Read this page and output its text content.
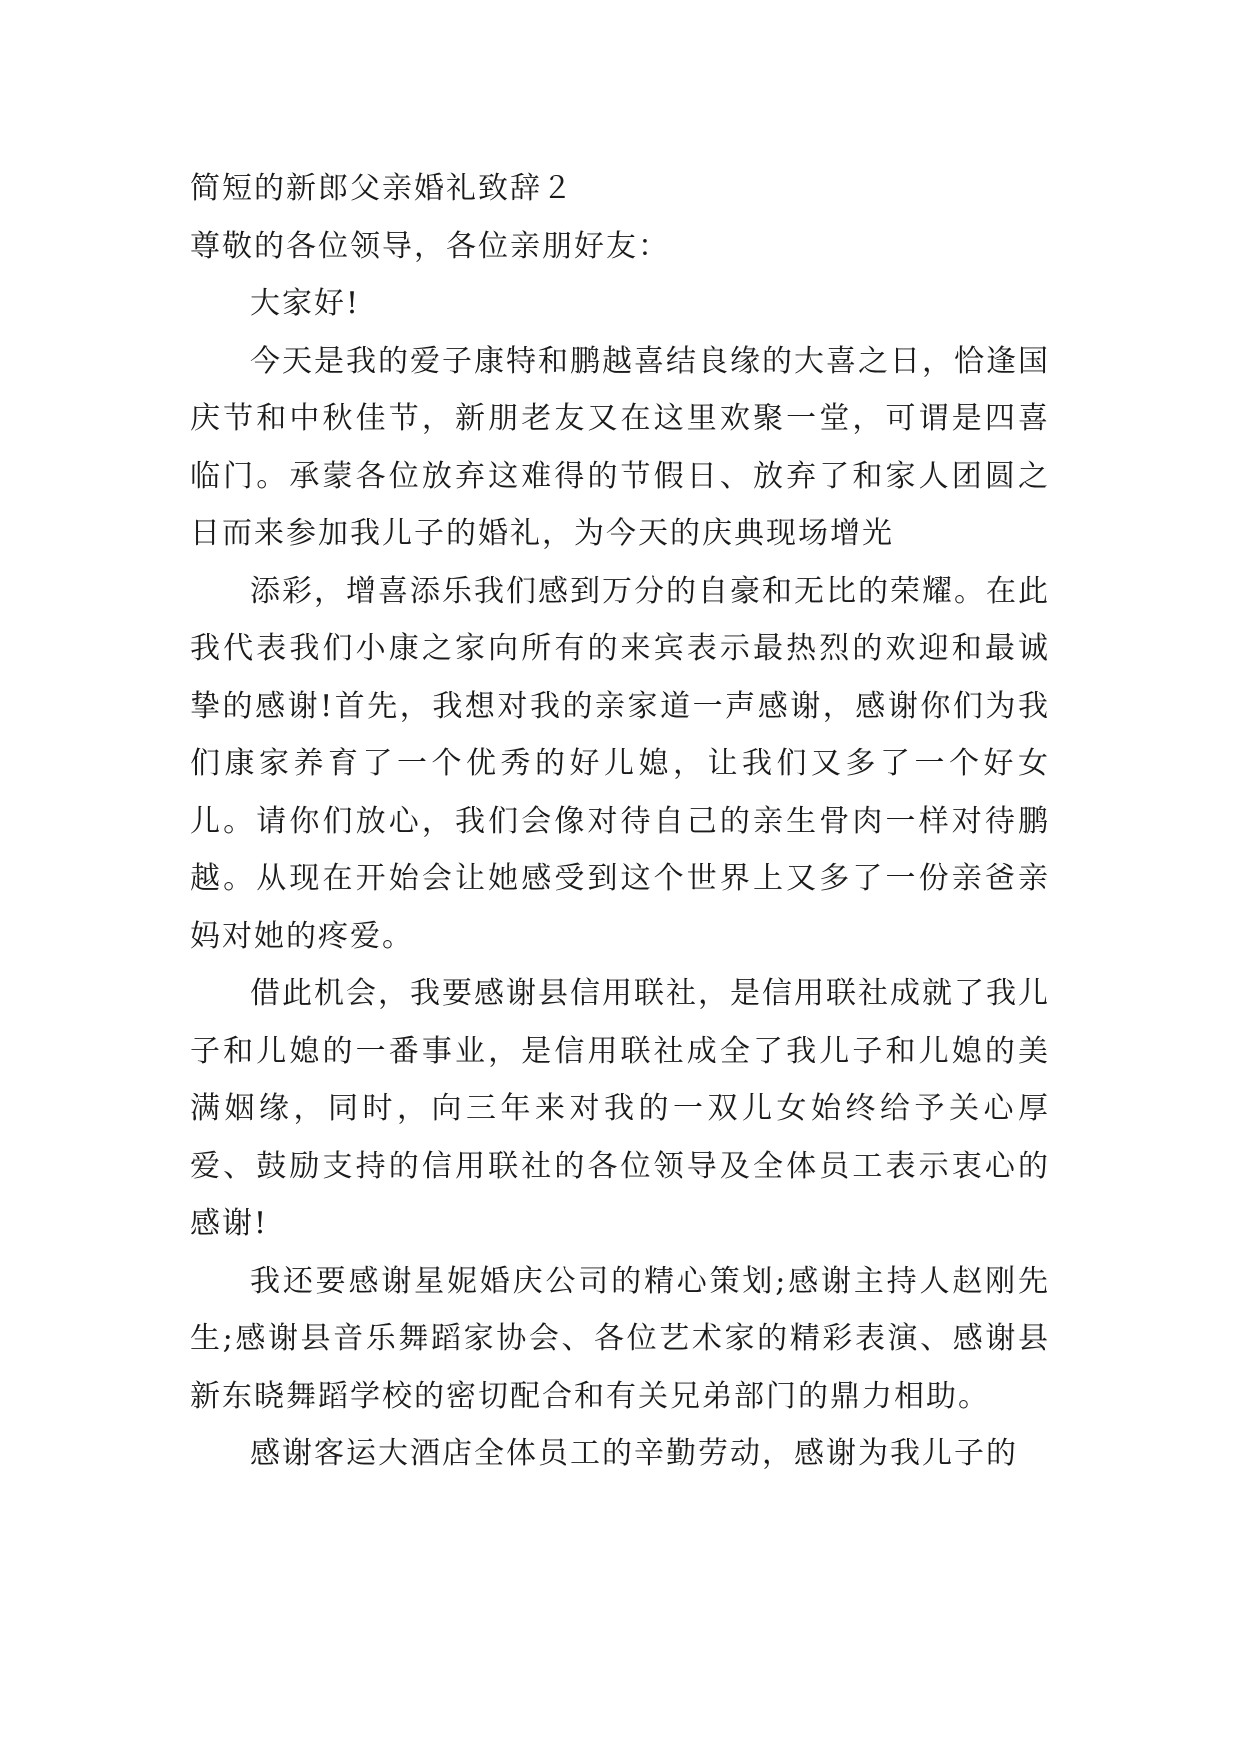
简短的新郎父亲婚礼致辞２

尊敬的各位领导，各位亲朋好友：

大家好!

今天是我的爱子康特和鹏越喜结良缘的大喜之日，恰逢国庆节和中秋佳节，新朋老友又在这里欢聚一堂，可谓是四喜临门。承蒙各位放弃这难得的节假日、放弃了和家人团圆之日而来参加我儿子的婚礼，为今天的庆典现场增光

添彩，增喜添乐我们感到万分的自豪和无比的荣耀。在此我代表我们小康之家向所有的来宾表示最热烈的欢迎和最诚挚的感谢!首先，我想对我的亲家道一声感谢，感谢你们为我们康家养育了一个优秀的好儿媳，让我们又多了一个好女儿。请你们放心，我们会像对待自己的亲生骨肉一样对待鹏越。从现在开始会让她感受到这个世界上又多了一份亲爸亲妈对她的疼爱。

借此机会，我要感谢县信用联社，是信用联社成就了我儿子和儿媳的一番事业，是信用联社成全了我儿子和儿媳的美满姻缘，同时，向三年来对我的一双儿女始终给予关心厚爱、鼓励支持的信用联社的各位领导及全体员工表示衷心的感谢!

我还要感谢星妮婚庆公司的精心策划;感谢主持人赵刚先生;感谢县音乐舞蹈家协会、各位艺术家的精彩表演、感谢县新东晓舞蹈学校的密切配合和有关兄弟部门的鼎力相助。

感谢客运大酒店全体员工的辛勤劳动，感谢为我儿子的
